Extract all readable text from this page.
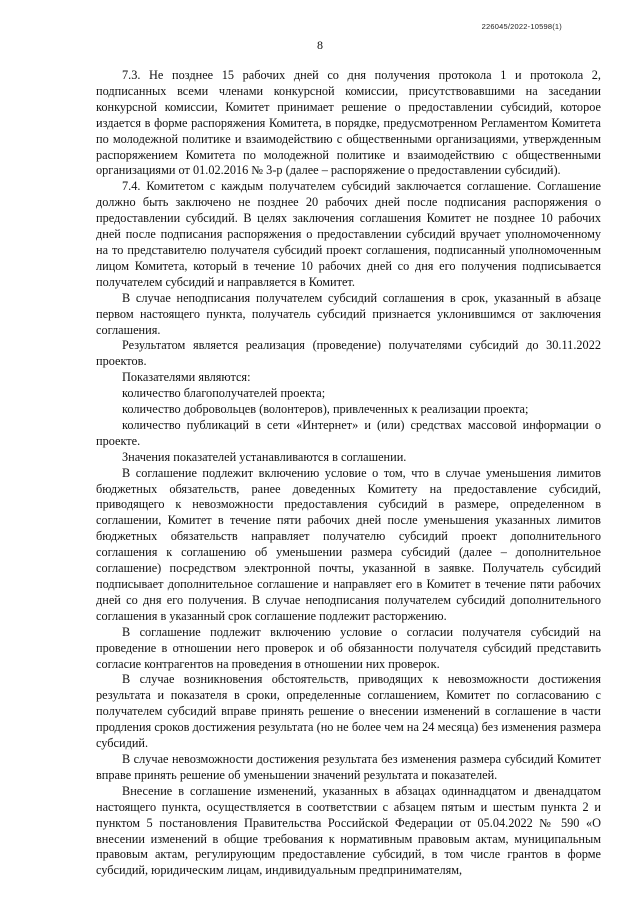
226045/2022-10598(1)
8

7.3. Не позднее 15 рабочих дней со дня получения протокола 1 и протокола 2, подписанных всеми членами конкурсной комиссии, присутствовавшими на заседании конкурсной комиссии, Комитет принимает решение о предоставлении субсидий, которое издается в форме распоряжения Комитета, в порядке, предусмотренном Регламентом Комитета по молодежной политике и взаимодействию с общественными организациями, утвержденным распоряжением Комитета по молодежной политике и взаимодействию с общественными организациями от 01.02.2016 № 3-р (далее – распоряжение о предоставлении субсидий).

7.4. Комитетом с каждым получателем субсидий заключается соглашение. Соглашение должно быть заключено не позднее 20 рабочих дней после подписания распоряжения о предоставлении субсидий. В целях заключения соглашения Комитет не позднее 10 рабочих дней после подписания распоряжения о предоставлении субсидий вручает уполномоченному на то представителю получателя субсидий проект соглашения, подписанный уполномоченным лицом Комитета, который в течение 10 рабочих дней со дня его получения подписывается получателем субсидий и направляется в Комитет.

В случае неподписания получателем субсидий соглашения в срок, указанный в абзаце первом настоящего пункта, получатель субсидий признается уклонившимся от заключения соглашения.

Результатом является реализация (проведение) получателями субсидий до 30.11.2022 проектов.

Показателями являются:

количество благополучателей проекта;

количество добровольцев (волонтеров), привлеченных к реализации проекта;

количество публикаций в сети «Интернет» и (или) средствах массовой информации о проекте.

Значения показателей устанавливаются в соглашении.

В соглашение подлежит включению условие о том, что в случае уменьшения лимитов бюджетных обязательств, ранее доведенных Комитету на предоставление субсидий, приводящего к невозможности предоставления субсидий в размере, определенном в соглашении, Комитет в течение пяти рабочих дней после уменьшения указанных лимитов бюджетных обязательств направляет получателю субсидий проект дополнительного соглашения к соглашению об уменьшении размера субсидий (далее – дополнительное соглашение) посредством электронной почты, указанной в заявке. Получатель субсидий подписывает дополнительное соглашение и направляет его в Комитет в течение пяти рабочих дней со дня его получения. В случае неподписания получателем субсидий дополнительного соглашения в указанный срок соглашение подлежит расторжению.

В соглашение подлежит включению условие о согласии получателя субсидий на проведение в отношении него проверок и об обязанности получателя субсидий представить согласие контрагентов на проведения в отношении них проверок.

В случае возникновения обстоятельств, приводящих к невозможности достижения результата и показателя в сроки, определенные соглашением, Комитет по согласованию с получателем субсидий вправе принять решение о внесении изменений в соглашение в части продления сроков достижения результата (но не более чем на 24 месяца) без изменения размера субсидий.

В случае невозможности достижения результата без изменения размера субсидий Комитет вправе принять решение об уменьшении значений результата и показателей.

Внесение в соглашение изменений, указанных в абзацах одиннадцатом и двенадцатом настоящего пункта, осуществляется в соответствии с абзацем пятым и шестым пункта 2 и пунктом 5 постановления Правительства Российской Федерации от 05.04.2022 № 590 «О внесении изменений в общие требования к нормативным правовым актам, муниципальным правовым актам, регулирующим предоставление субсидий, в том числе грантов в форме субсидий, юридическим лицам, индивидуальным предпринимателям,
